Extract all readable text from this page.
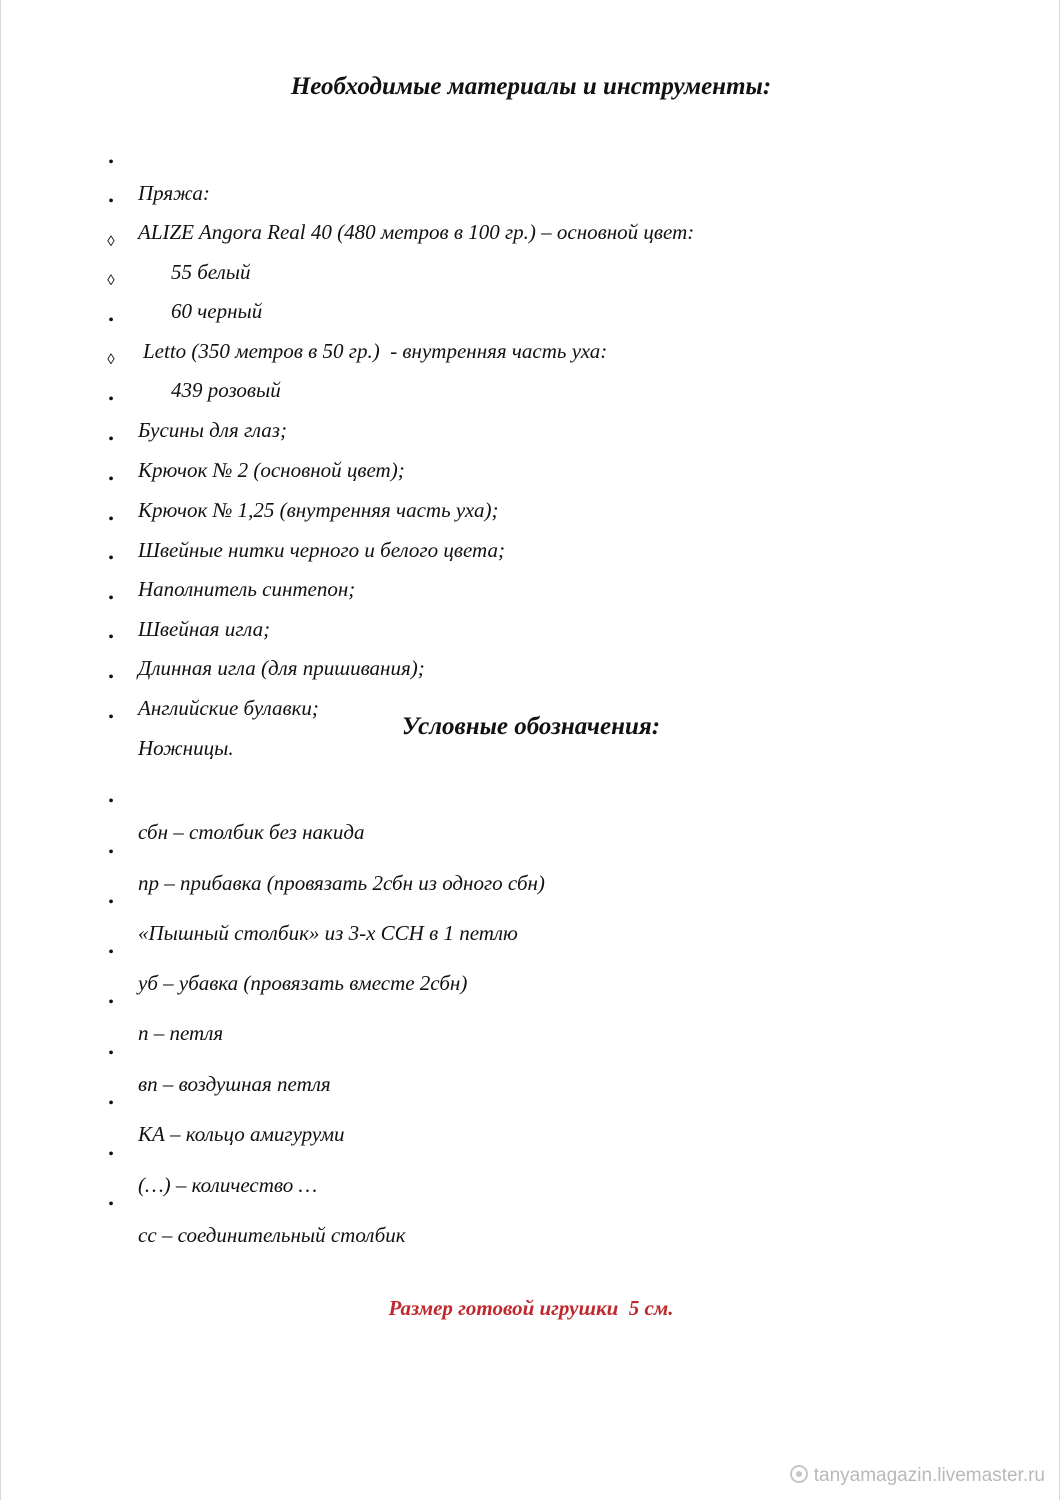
Необходимые материалы и инструменты:

•

Пряжа:

•

ALIZE Angora Real 40 (480 метров в 100 гр.) – основной цвет:

◊

55 белый

◊

60 черный

•

Letto (350 метров в 50 гр.)  - внутренняя часть уха:

◊

439 розовый

•

Бусины для глаз;

•

Крючок № 2 (основной цвет);

•

Крючок № 1,25 (внутренняя часть уха);

•

Швейные нитки черного и белого цвета;

•

Наполнитель синтепон;

•

Швейная игла;

•

Длинная игла (для пришивания);

•

Английские булавки;

•

Ножницы.

Условные обозначения:

•

сбн – столбик без накида

•

пр – прибавка (провязать 2сбн из одного сбн)

•

«Пышный столбик» из 3-х ССН в 1 петлю

•

уб – убавка (провязать вместе 2сбн)

•

п – петля

•

вп – воздушная петля

•

КА – кольцо амигуруми

•

(…) – количество …

•

сс – соединительный столбик

Размер готовой игрушки  5 см.
tanyamagazin.livemaster.ru
